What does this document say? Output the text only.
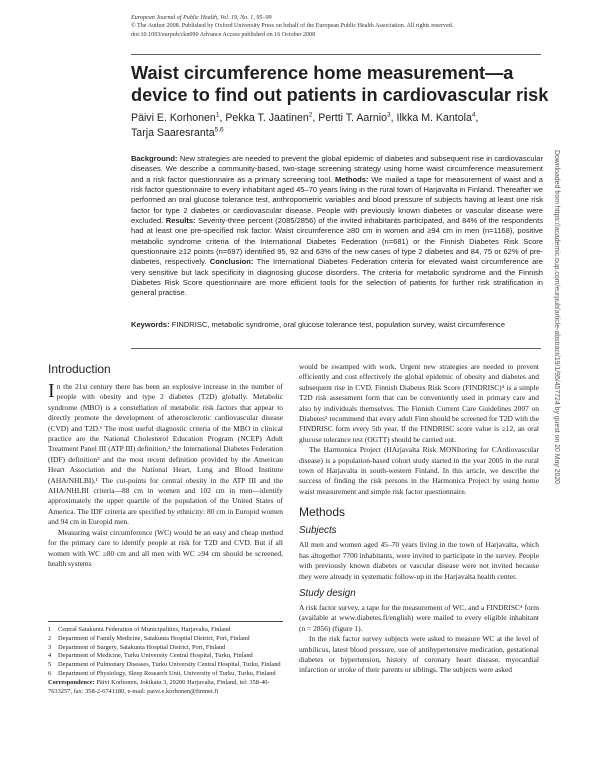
European Journal of Public Health, Vol. 19, No. 1, 95–99
© The Author 2008. Published by Oxford University Press on behalf of the European Public Health Association. All rights reserved.
doi:10.1093/eurpub/ckn090 Advance Access published on 16 October 2008
Waist circumference home measurement—a device to find out patients in cardiovascular risk
Päivi E. Korhonen$^1$, Pekka T. Jaatinen$^2$, Pertti T. Aarnio$^3$, Ilkka M. Kantola$^4$,
Tarja Saaresranta$^{5,6}$
Background: New strategies are needed to prevent the global epidemic of diabetes and subsequent rise in cardiovascular diseases. We describe a community-based, two-stage screening strategy using home waist circumference measurement and a risk factor questionnaire as a primary screening tool. Methods: We mailed a tape for measurement of waist and a risk factor questionnaire to every inhabitant aged 45–70 years living in the rural town of Harjavalta in Finland. Thereafter we performed an oral glucose tolerance test, anthropometric variables and blood pressure of subjects having at least one risk factor for type 2 diabetes or cardiovascular disease. People with previously known diabetes or vascular disease were excluded. Results: Seventy-three percent (2085/2856) of the invited inhabitants participated, and 84% of the respondents had at least one pre-specified risk factor. Waist circumference ≥80 cm in women and ≥94 cm in men (n=1168), positive metabolic syndrome criteria of the International Diabetes Federation (n=681) or the Finnish Diabetes Risk Score questionnaire ≥12 points (n=697) identified 95, 92 and 63% of the new cases of type 2 diabetes and 84, 75 or 62% of pre-diabetes, respectively. Conclusion: The International Diabetes Federation criteria for elevated waist circumference are very sensitive but lack specificity in diagnosing glucose disorders. The criteria for metabolic syndrome and the Finnish Diabetes Risk Score questionnaire are more efficient tools for the selection of patients for further risk stratification in general practise.
Keywords: FINDRISC, metabolic syndrome, oral glucose tolerance test, population survey, waist circumference	Downloaded from https://academic.oup.com/eurpub/article-abstract/19/1/95/457724 by guest on 20 May 2020
Introduction

In the 21st century there has been an explosive increase in the number of people with obesity and type 2 diabetes (T2D) globally. Metabolic syndrome (MBO) is a constellation of metabolic risk factors that appear to directly promote the development of atherosclerotic cardiovascular disease (CVD) and T2D.¹ The most useful diagnostic criteria of the MBO in clinical practice are the National Cholesterol Education Program (NCEP) Adult Treatment Panel III (ATP III) definition,² the International Diabetes Federation (IDF) definition³ and the most recent definition provided by the American Heart Association and the National Heart, Lung and Blood Institute (AHA/NHLBI).¹ The cut-points for central obesity in the ATP III and the AHA/NHLBI criteria—88 cm in women and 102 cm in men—identify approximately the upper quartile of the population of the United States of America. The IDF criteria are specified by ethnicity: 80 cm in Europid women and 94 cm in Europid men.

Measuring waist circumference (WC) would be an easy and cheap method for the primary care to identify people at risk for T2D and CVD. But if all women with WC ≥80 cm and all men with WC ≥94 cm should be screened, health systems

1	Central Satakunta Federation of Municipalities, Harjavalta, Finland
2	Department of Family Medicine, Satakunta Hospital District, Pori, Finland
3	Department of Surgery, Satakunta Hospital District, Pori, Finland
4	Department of Medicine, Turku University Central Hospital, Turku, Finland
5	Department of Pulmonary Diseases, Turku University Central Hospital, Turku, Finland
6	Department of Physiology, Sleep Research Unit, University of Turku, Turku, Finland
Correspondence: Päivi Korhonen, Jokikatu 3, 29200 Harjavalta, Finland, tel: 358-40-7633257, fax: 358-2-6741180, e-mail: paivi.e.korhonen@fimnet.fi

would be swamped with work. Urgent new strategies are needed to prevent efficiently and cost effectively the global epidemic of obesity and diabetes and subsequent rise in CVD. Finnish Diabetes Risk Score (FINDRISC)⁴ is a simple T2D risk assessment form that can be conveniently used in primary care and also by individuals themselves. The Finnish Current Care Guidelines 2007 on Diabetes⁵ recommend that every adult Finn should be screened for T2D with the FINDRISC form every 5th year. If the FINDRISC score value is ≥12, an oral glucose tolerance test (OGTT) should be carried out.

The Harmonica Project (HArjavalta Risk MONItoring for CArdiovascular disease) is a population-based cohort study started in the year 2005 in the rural town of Harjavalta in south-western Finland. In this article, we describe the success of finding the risk persons in the Harmonica Project by using home waist measurement and simple risk factor questionnaire.

Methods
Subjects

All men and women aged 45–70 years living in the town of Harjavalta, which has altogether 7700 inhabitants, were invited to participate in the survey. People with previously known diabetes or vascular disease were not invited because they were already in systematic follow-up in the Harjavalta health center.

Study design

A risk factor survey, a tape for the measurement of WC, and a FINDRISC⁴ form (available at www.diabetes.fi/english) were mailed to every eligible inhabitant (n = 2856) (figure 1).

In the risk factor survey subjects were asked to measure WC at the level of umbilicus, latest blood pressure, use of antihypertensive medication, gestational diabetes or hypertension, history of coronary heart disease, myocardial infarction or stroke of their parents or siblings. The subjects were asked
